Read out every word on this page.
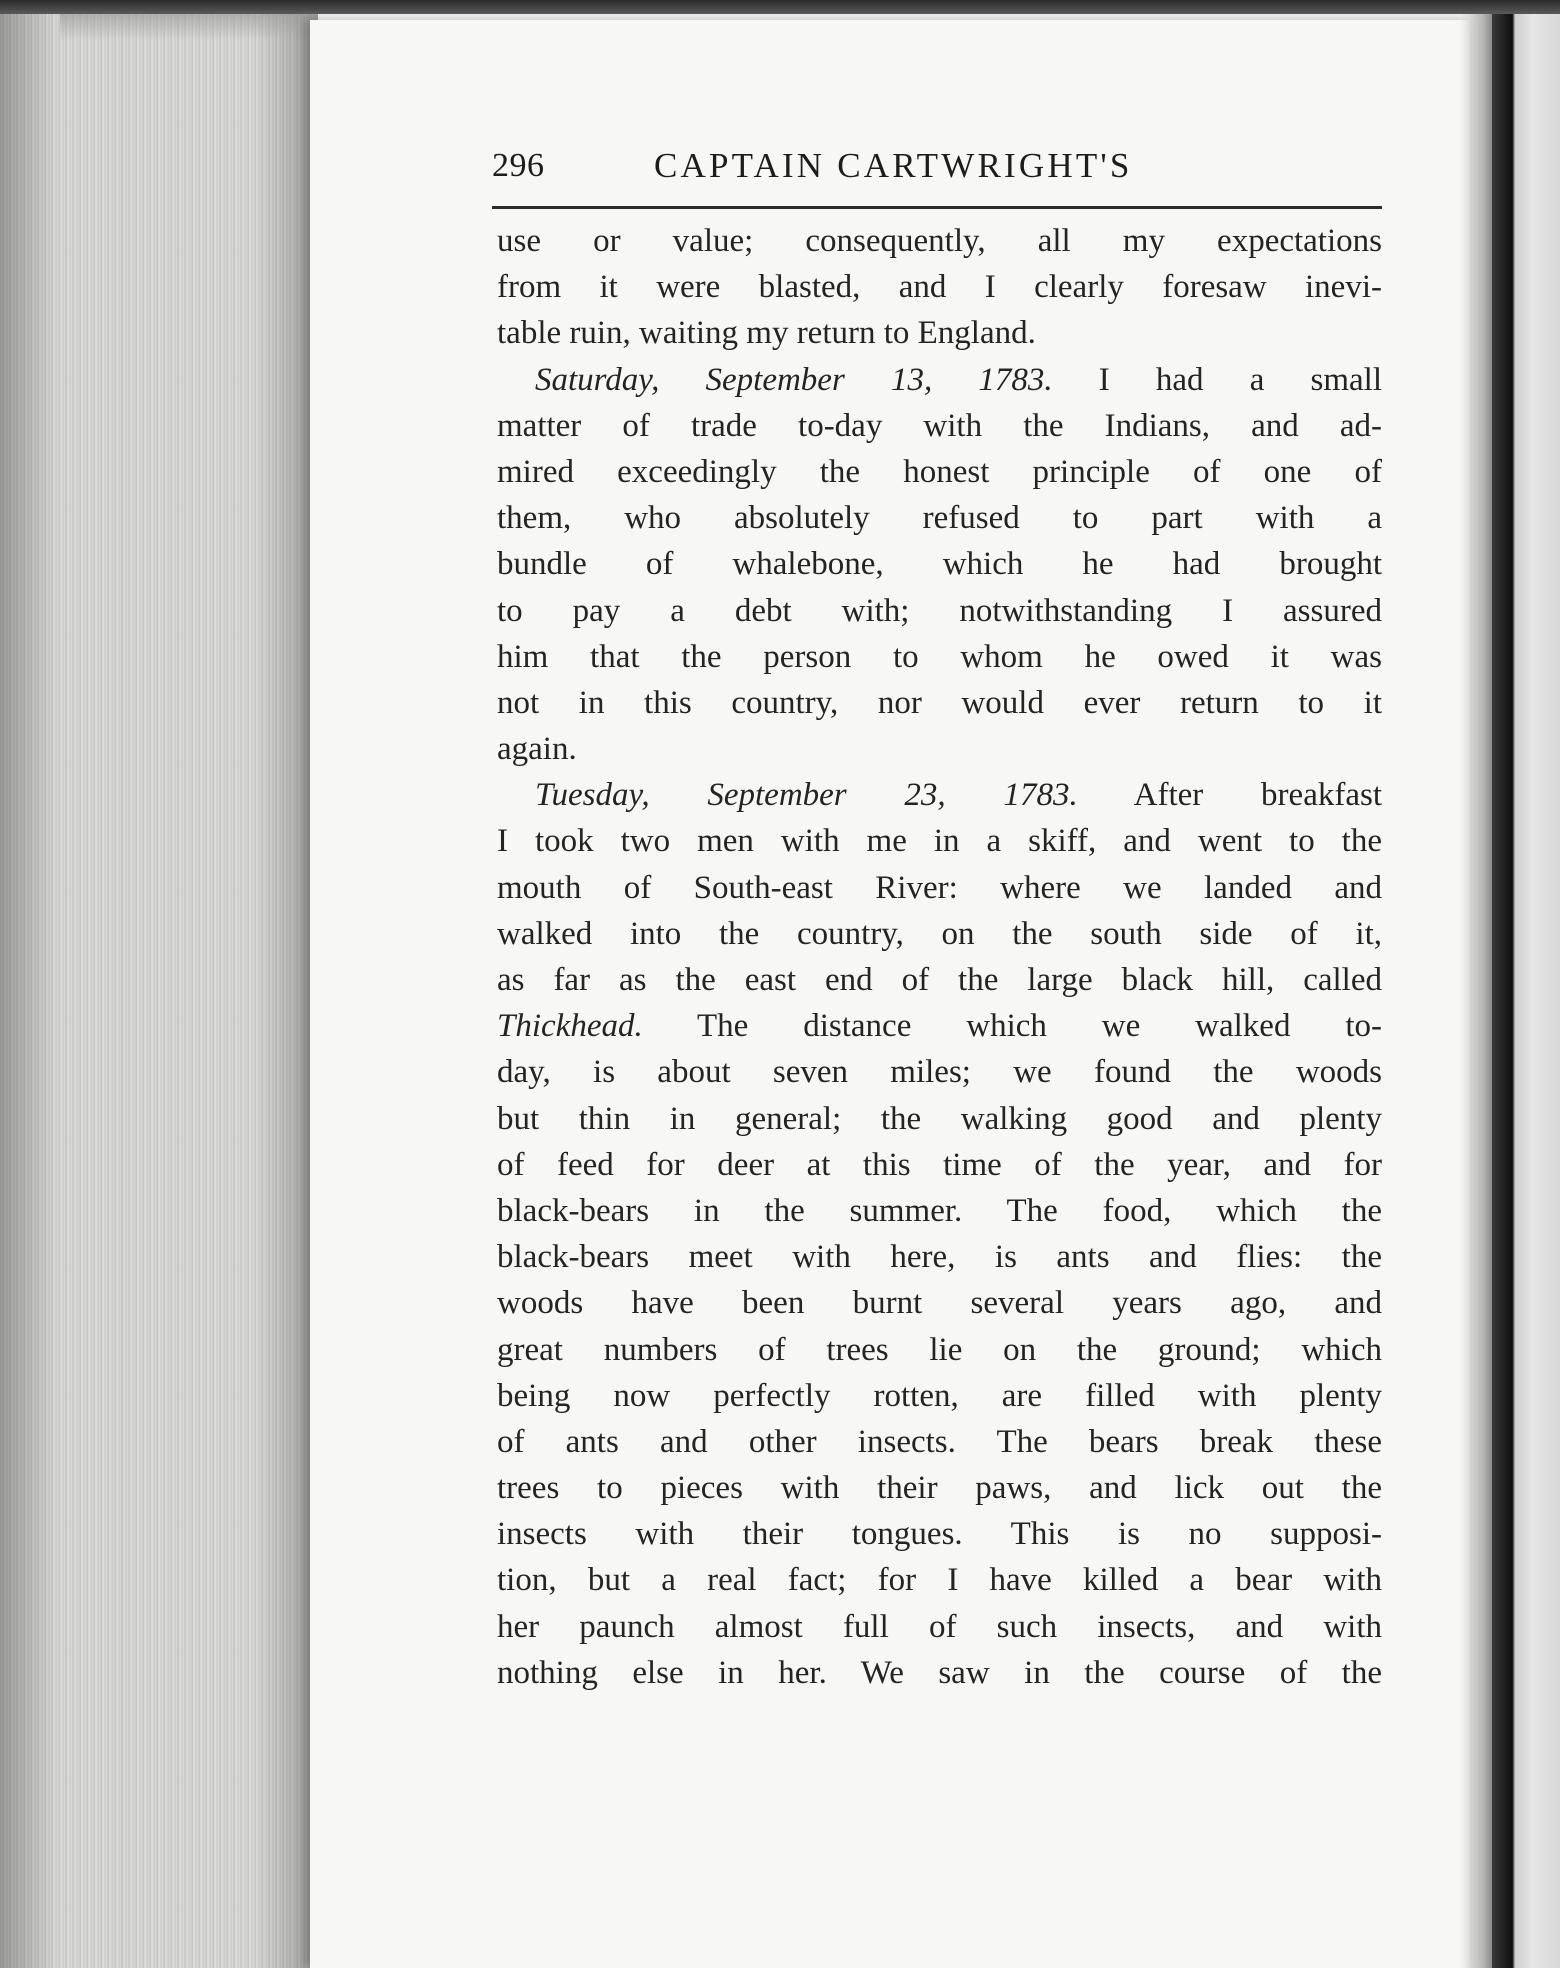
296	CAPTAIN CARTWRIGHT'S
use or value; consequently, all my expectations
from it were blasted, and I clearly foresaw inevi-
table ruin, waiting my return to England.
Saturday, September 13, 1783. I had a small
matter of trade to-day with the Indians, and ad-
mired exceedingly the honest principle of one of
them, who absolutely refused to part with a
bundle of whalebone, which he had brought
to pay a debt with; notwithstanding I assured
him that the person to whom he owed it was
not in this country, nor would ever return to it
again.
Tuesday, September 23, 1783. After breakfast
I took two men with me in a skiff, and went to the
mouth of South-east River: where we landed and
walked into the country, on the south side of it,
as far as the east end of the large black hill, called
Thickhead. The distance which we walked to-
day, is about seven miles; we found the woods
but thin in general; the walking good and plenty
of feed for deer at this time of the year, and for
black-bears in the summer. The food, which the
black-bears meet with here, is ants and flies: the
woods have been burnt several years ago, and
great numbers of trees lie on the ground; which
being now perfectly rotten, are filled with plenty
of ants and other insects. The bears break these
trees to pieces with their paws, and lick out the
insects with their tongues. This is no supposi-
tion, but a real fact; for I have killed a bear with
her paunch almost full of such insects, and with
nothing else in her. We saw in the course of the
